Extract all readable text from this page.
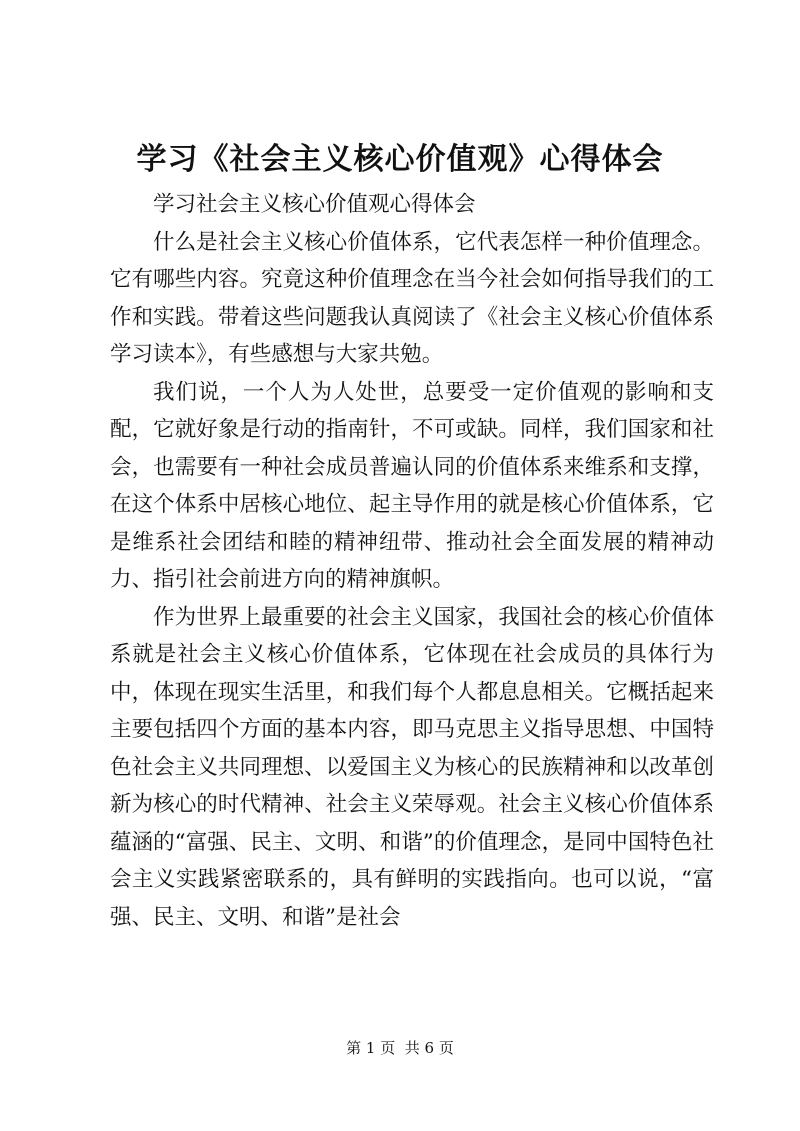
学习《社会主义核心价值观》心得体会

学习社会主义核心价值观心得体会

什么是社会主义核心价值体系，它代表怎样一种价值理念。它有哪些内容。究竟这种价值理念在当今社会如何指导我们的工作和实践。带着这些问题我认真阅读了《社会主义核心价值体系学习读本》，有些感想与大家共勉。

我们说，一个人为人处世，总要受一定价值观的影响和支配，它就好象是行动的指南针，不可或缺。同样，我们国家和社会，也需要有一种社会成员普遍认同的价值体系来维系和支撑，在这个体系中居核心地位、起主导作用的就是核心价值体系，它是维系社会团结和睦的精神纽带、推动社会全面发展的精神动力、指引社会前进方向的精神旗帜。

作为世界上最重要的社会主义国家，我国社会的核心价值体系就是社会主义核心价值体系，它体现在社会成员的具体行为中，体现在现实生活里，和我们每个人都息息相关。它概括起来主要包括四个方面的基本内容，即马克思主义指导思想、中国特色社会主义共同理想、以爱国主义为核心的民族精神和以改革创新为核心的时代精神、社会主义荣辱观。社会主义核心价值体系蕴涵的“富强、民主、文明、和谐”的价值理念，是同中国特色社会主义实践紧密联系的，具有鲜明的实践指向。也可以说，“富强、民主、文明、和谐”是社会

第 1 页  共 6 页
